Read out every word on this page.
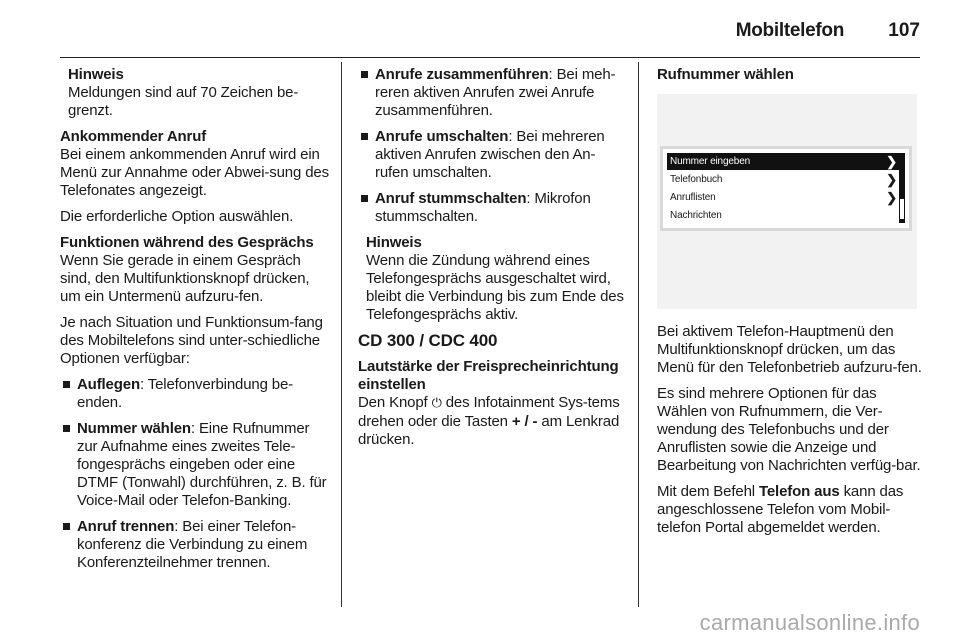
Mobiltelefon 107
Hinweis
Meldungen sind auf 70 Zeichen be-grenzt.
Ankommender Anruf

Bei einem ankommenden Anruf wird ein Menü zur Annahme oder Abwei-sung des Telefonates angezeigt.

Die erforderliche Option auswählen.

Funktionen während des Gesprächs

Wenn Sie gerade in einem Gespräch sind, den Multifunktionsknopf drücken, um ein Untermenü aufzuru-fen.

Je nach Situation und Funktionsum-fang des Mobiltelefons sind unter-schiedliche Optionen verfügbar:

Auflegen: Telefonverbindung be-enden.
Nummer wählen: Eine Rufnummer zur Aufnahme eines zweites Tele-fongesprächs eingeben oder eine DTMF (Tonwahl) durchführen, z. B. für Voice-Mail oder Telefon-Banking.
Anruf trennen: Bei einer Telefon-konferenz die Verbindung zu einem Konferenzteilnehmer trennen.
Anrufe zusammenführen: Bei meh-reren aktiven Anrufen zwei Anrufe zusammenführen.
Anrufe umschalten: Bei mehreren aktiven Anrufen zwischen den An-rufen umschalten.
Anruf stummschalten: Mikrofon stummschalten.
Hinweis
Wenn die Zündung während eines Telefongesprächs ausgeschaltet wird, bleibt die Verbindung bis zum Ende des Telefongesprächs aktiv.
CD 300 / CDC 400
Lautstärke der Freisprecheinrichtung einstellen

Den Knopf ⏻ des Infotainment Sys-tems drehen oder die Tasten + / - am Lenkrad drücken.

Rufnummer wählen
Nummer eingeben	❯
Telefonbuch	❯
Anruflisten	❯
Nachrichten

Bei aktivem Telefon-Hauptmenü den Multifunktionsknopf drücken, um das Menü für den Telefonbetrieb aufzuru-fen.

Es sind mehrere Optionen für das Wählen von Rufnummern, die Ver-wendung des Telefonbuchs und der Anruflisten sowie die Anzeige und Bearbeitung von Nachrichten verfüg-bar.

Mit dem Befehl Telefon aus kann das angeschlossene Telefon vom Mobil-telefon Portal abgemeldet werden.

carmanualsonline.info
